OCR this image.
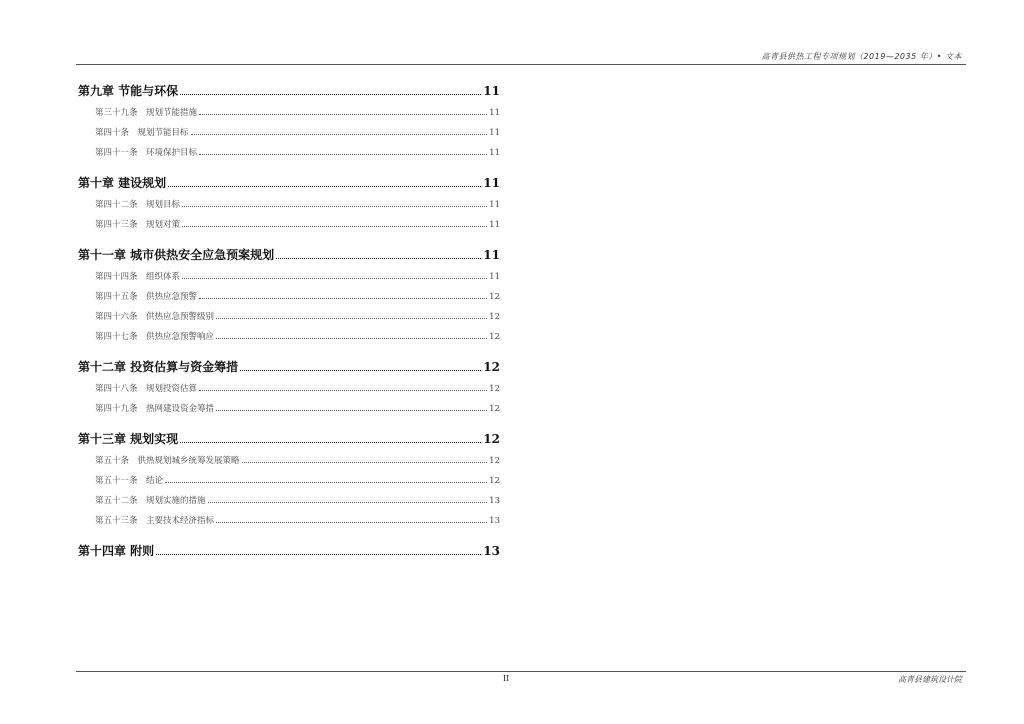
高青县供热工程专项规划（2019—2035 年）• 文本
第九章 节能与环保	11
第三十九条　规划节能措施	11
第四十条　规划节能目标	11
第四十一条　环境保护目标	11
第十章 建设规划	11
第四十二条　规划目标	11
第四十三条　规划对策	11
第十一章 城市供热安全应急预案规划	11
第四十四条　组织体系	11
第四十五条　供热应急预警	12
第四十六条　供热应急预警级别	12
第四十七条　供热应急预警响应	12
第十二章 投资估算与资金筹措	12
第四十八条　规划投资估算	12
第四十九条　热网建设资金筹措	12
第十三章 规划实现	12
第五十条　供热规划城乡统筹发展策略	12
第五十一条　结论	12
第五十二条　规划实施的措施	13
第五十三条　主要技术经济指标	13
第十四章 附则	13
II	高青县建筑设计院
